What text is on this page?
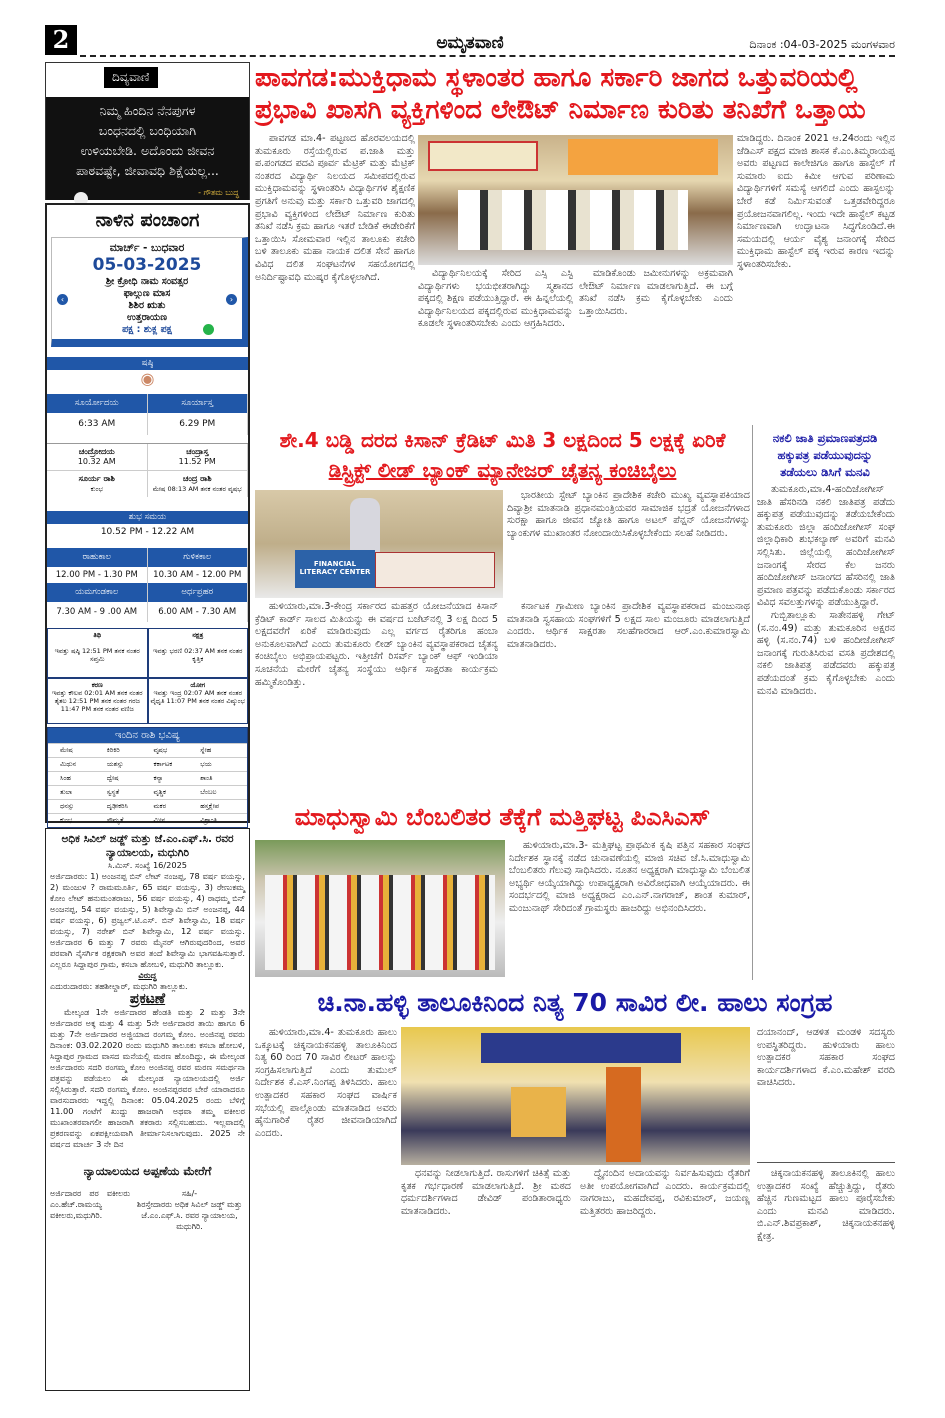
2	ಅಮೃತವಾಣಿ	ದಿನಾಂಕ :04-03-2025 ಮಂಗಳವಾರ
ದಿವ್ಯವಾಣಿ
ನಿಮ್ಮ ಹಿಂದಿನ ನೆನಪುಗಳ
ಬಂಧನದಲ್ಲಿ ಬಂಧಿಯಾಗಿ
ಉಳಿಯಬೇಡಿ. ಅದೊಂದು ಜೀವನ
ಪಾಠವಷ್ಟೇ, ಜೀವಾವಧಿ ಶಿಕ್ಷೆಯಲ್ಲ...
- ಗೌತಮ ಬುದ್ಧ
ನಾಳಿನ ಪಂಚಾಂಗ
ಮಾರ್ಚ್ - ಬುಧವಾರ
05-03-2025
ಶ್ರೀ ಕ್ರೋಧಿ ನಾಮ ಸಂವತ್ಸರ
ಫಾಲ್ಗುಣ ಮಾಸ
ಶಿಶಿರ ಋತು
ಉತ್ತರಾಯಣ
ಪಕ್ಷ : ಶುಕ್ಲ ಪಕ್ಷ
‹	›
ಷಷ್ಠಿ
◉
ಸೂರ್ಯೋದಯ	ಸೂರ್ಯಾಸ್ತ
6:33 AM	6.29 PM
ಚಂದ್ರೋದಯ
10.32 AM
ಚಂದ್ರಾಸ್ತ
11.52 PM
ಸೂರ್ಯ ರಾಶಿ
ಕುಂಭ
ಚಂದ್ರ ರಾಶಿ
ಮೇಷ 08:13 AM ತನಕ ನಂತರ ವೃಷಭ
ಶುಭ ಸಮಯ
10.52 PM - 12.22 AM
ರಾಹುಕಾಲ	ಗುಳಿಕಕಾಲ
12.00 PM - 1.30 PM	10.30 AM - 12.00 PM
ಯಮಗಂಡಕಾಲ	ಅರ್ಧಪ್ರಹರ
7.30 AM - 9 .00 AM	6.00 AM - 7.30 AM
ತಿಥಿ

ಇವತ್ತು ಷಷ್ಠಿ 12:51 PM ತನಕ ನಂತರ ಸಪ್ತಮಿ
ನಕ್ಷತ್ರ

ಇವತ್ತು ಭರಣಿ 02:37 AM ತನಕ ನಂತರ ಕೃತ್ತಿಕ
ಕರಣ
ಇವತ್ತು ಕೌಲವ 02:01 AM ತನಕ ನಂತರ ತೈತಲ 12:51 PM ತನಕ ನಂತರ ಗರಜ 11:47 PM ತನಕ ನಂತರ ವಣಿಜ
ಯೋಗ
ಇವತ್ತು ಇಂದ್ರ 02:07 AM ತನಕ ನಂತರ ವೈಧೃತಿ 11:07 PM ತನಕ ನಂತರ ವಿಷ್ಕುಂಭ
ಇಂದಿನ ರಾಶಿ ಭವಿಷ್ಯ
ಮೇಷ	ಕಿರಿಕಿರಿ	ವೃಷಭ	ಸ್ನೇಹ
ಮಿಥುನ	ಯಶಸ್ಸು	ಕರ್ಕಾಟಕ	ಭಯ
ಸಿಂಹ	ದ್ವೇಷ	ಕನ್ಯಾ	ಶಾಂತಿ
ತುಲಾ	ಸ್ವಸ್ಥತೆ	ವೃಶ್ಚಿಕ	ಬೆಂಬಲ
ಧನಸ್ಸು	ದೃಢೀಕರಿಸಿ	ಮಕರ	ಹಸ್ತಕ್ಷೇಪ
ಕುಂಭ	ಸೌಮ್ಯತೆ	ಮೀನ	ವಿಶ್ರಾಂತಿ
ಅಧಿಕ ಸಿವಿಲ್ ಜಡ್ಜ್ ಮತ್ತು ಜೆ.ಎಂ.ಎಫ್.ಸಿ. ರವರ ನ್ಯಾಯಾಲಯ, ಮಧುಗಿರಿ
ಸಿ.ಮಿಸ್. ಸಂಖ್ಯೆ 16/2025
ಅರ್ಜಿದಾರರು: 1) ಅಂಜನಪ್ಪ ಬಿನ್ ಲೇಟ್ ನಂಜಪ್ಪ, 78 ವರ್ಷ ವಯಸ್ಸು, 2) ಮಂಜುಳ ? ರಾಮಮೂರ್ತಿ, 65 ವರ್ಷ ವಯಸ್ಸು, 3) ರೇಣುಕಮ್ಮ ಕೋಂ ಲೇಟ್ ಹನುಮಂತರಾಜು, 56 ವರ್ಷ ವಯಸ್ಸು, 4) ರಾಧಮ್ಮ ಬಿನ್ ಅಂಜನಪ್ಪ, 54 ವರ್ಷ ವಯಸ್ಸು, 5) ಶಿವೇಸ್ವಾಮಿ ಬಿನ್ ಅಂಜನಪ್ಪ, 44 ವರ್ಷ ವಯಸ್ಸು, 6) ಪ್ರಜ್ವಲ್.ಟಿ.ಎಸ್. ಬಿನ್ ಶಿವೇಸ್ವಾಮಿ, 18 ವರ್ಷ ವಯಸ್ಸು, 7) ನರೇಶ್ ಬಿನ್ ಶಿವೇಸ್ವಾಮಿ, 12 ವರ್ಷ ವಯಸ್ಸು. ಅರ್ಜಿದಾರರ 6 ಮತ್ತು 7 ರವರು ಮೈನರ್ ಆಗಿರುವುದರಿಂದ, ಅವರ ಪರವಾಗಿ ನೈಸರ್ಗಿಕ ರಕ್ಷಕರಾಗಿ ಅವರ ತಂದೆ ಶಿವೇಸ್ವಾಮಿ ಭಾಗವಹಿಸುತ್ತಾರೆ. ಎಲ್ಲರೂ ಸಿದ್ದಾಪುರ ಗ್ರಾಮ, ಕಸಬಾ ಹೋಬಳಿ, ಮಧುಗಿರಿ ತಾಲ್ಲೂಕು.
ವಿರುದ್ಧ
ಎದುರುದಾರರು: ತಹಶೀಲ್ದಾರ್, ಮಧುಗಿರಿ ತಾಲ್ಲೂಕು.
ಪ್ರಕಟಣೆ
ಮೇಲ್ಕಂಡ 1ನೇ ಅರ್ಜಿದಾರರ ಹೆಂಡತಿ ಮತ್ತು 2 ಮತ್ತು 3ನೇ ಅರ್ಜಿದಾರರ ಅಕ್ಕ ಮತ್ತು 4 ಮತ್ತು 5ನೇ ಅರ್ಜಿದಾರರ ತಾಯಿ ಹಾಗೂ 6 ಮತ್ತು 7ನೇ ಅರ್ಜಿದಾರರ ಅಜ್ಜಿಯಾದ ರಂಗಮ್ಮ ಕೋಂ. ಅಂಜಿನಪ್ಪ ರವರು ದಿನಾಂಕ: 03.02.2020 ರಂದು ಮಧುಗಿರಿ ತಾಲೂಕು ಕಸಬಾ ಹೋಬಳಿ, ಸಿದ್ದಾಪುರ ಗ್ರಾಮದ ವಾಸದ ಮನೆಯಲ್ಲಿ ಮರಣ ಹೊಂದಿದ್ದು, ಈ ಮೇಲ್ಕಂಡ ಅರ್ಜಿದಾರರು ಸದರಿ ರಂಗಮ್ಮ ಕೋಂ ಅಂಜಿನಪ್ಪ ರವರ ಮರಣ ಸಮರ್ಥನಾ ಪತ್ರವನ್ನು ಪಡೆಯಲು ಈ ಮೇಲ್ಕಂಡ ನ್ಯಾಯಾಲಯದಲ್ಲಿ ಅರ್ಜಿ ಸಲ್ಲಿಸಿರುತ್ತಾರೆ. ಸದರಿ ರಂಗಮ್ಮ ಕೋಂ. ಅಂಜಿನಪ್ಪರವರ ಬೇರೆ ಯಾರಾದರೂ ವಾರಸುದಾರರು ಇದ್ದಲ್ಲಿ ದಿನಾಂಕ: 05.04.2025 ರಂದು ಬೆಳಿಗ್ಗೆ 11.00 ಗಂಟೆಗೆ ಖುದ್ದು ಹಾಜರಾಗಿ ಅಥವಾ ತಮ್ಮ ವಕೀಲರ ಮುಖಾಂತರವಾಗಲೀ ಹಾಜರಾಗಿ ತಕರಾರು ಸಲ್ಲಿಸಬಹುದು. ಇಲ್ಲವಾದಲ್ಲಿ ಪ್ರಕರಣವನ್ನು ಏಕಪಕ್ಷೀಯವಾಗಿ ತೀರ್ಮಾನಿಸಲಾಗುವುದು. 2025 ನೇ ವರ್ಷದ ಮಾರ್ಚ 3 ನೇ ದಿನ
ನ್ಯಾಯಾಲಯದ ಅಪ್ಪಣೆಯ ಮೇರೆಗೆ
ಅರ್ಜಿದಾರರ ಪರ ವಕೀಲರು ಎಂ.ಹೆಚ್.ರಾಮಯ್ಯ ವಕೀಲರು,ಮಧುಗಿರಿ.
ಸಹಿ/-
ಶಿರಸ್ತೇದಾರರು ಅಧಿಕ ಸಿವಿಲ್ ಜಡ್ಜ್ ಮತ್ತು ಜೆ.ಎಂ.ಎಫ್.ಸಿ. ರವರ ನ್ಯಾಯಾಲಯ, ಮಧುಗಿರಿ.
ಪಾವಗಡ:ಮುಕ್ತಿಧಾಮ ಸ್ಥಳಾಂತರ ಹಾಗೂ ಸರ್ಕಾರಿ ಜಾಗದ ಒತ್ತುವರಿಯಲ್ಲಿ
ಪ್ರಭಾವಿ ಖಾಸಗಿ ವ್ಯಕ್ತಿಗಳಿಂದ ಲೇಔಟ್ ನಿರ್ಮಾಣ ಕುರಿತು ತನಿಖೆಗೆ ಒತ್ತಾಯ

ಪಾವಗಡ ಮಾ.4- ಪಟ್ಟಣದ ಹೊರವಲಯದಲ್ಲಿ ತುಮಕೂರು ರಸ್ತೆಯಲ್ಲಿರುವ ಪ.ಜಾತಿ ಮತ್ತು ಪ.ಪಂಗಡದ ಪದವಿ ಪೂರ್ವ ಮೆಟ್ರಿಕ್ ಮತ್ತು ಮೆಟ್ರಿಕ್ ನಂತರದ ವಿದ್ಯಾರ್ಥಿ ನಿಲಯದ ಸಮೀಪದಲ್ಲಿರುವ ಮುಕ್ತಿಧಾಮವನ್ನು ಸ್ಥಳಾಂತರಿಸಿ ವಿದ್ಯಾರ್ಥಿಗಳ ಶೈಕ್ಷಣಿಕ ಪ್ರಗತಿಗೆ ಅನುವು ಮತ್ತು ಸರ್ಕಾರಿ ಒತ್ತುವರಿ ಜಾಗದಲ್ಲಿ ಪ್ರಭಾವಿ ವ್ಯಕ್ತಿಗಳಿಂದ ಲೇಔಟ್ ನಿರ್ಮಾಣ ಕುರಿತು ತನಿಖೆ ನಡೆಸಿ ಕ್ರಮ ಹಾಗೂ ಇತರೆ ಬೇಡಿಕೆ ಈಡೇರಿಕೆಗೆ ಒತ್ತಾಯಿಸಿ ಸೋಮವಾರ ಇಲ್ಲಿನ ತಾಲೂಕು ಕಚೇರಿ ಬಳಿ ತಾಲೂಕು ಮಹಾ ನಾಯಕ ದಲಿತ ಸೇನೆ ಹಾಗೂ ವಿವಿಧ ದಲಿತ ಸಂಘಟನೆಗಳ ಸಹಯೋಗದಲ್ಲಿ ಅನಿರ್ದಿಷ್ಟಾವಧಿ ಮುಷ್ಕರ ಕೈಗೊಳ್ಳಲಾಗಿದೆ.	ವಿದ್ಯಾರ್ಥಿನಿಲಯಕ್ಕೆ ಸೇರಿದ ಎಸ್ಸಿ ಎಸ್ಟಿ ವಿದ್ಯಾರ್ಥಿಗಳು ಭಯಭೀತರಾಗಿದ್ದು ಸ್ಮಶಾನದ ಪಕ್ಕದಲ್ಲಿ ಶಿಕ್ಷಣ ಪಡೆಯುತ್ತಿದ್ದಾರೆ. ಈ ಹಿನ್ನಲೆಯಲ್ಲಿ ವಿದ್ಯಾರ್ಥಿನಿಲಯದ ಪಕ್ಕದಲ್ಲಿರುವ ಮುಕ್ತಿಧಾಮವನ್ನು ಕೂಡಲೇ ಸ್ಥಳಾಂತರಿಸಬೇಕು ಎಂದು ಆಗ್ರಹಿಸಿದರು.

ಮಾಡಿಕೊಂಡು ಜಮೀನುಗಳನ್ನು ಅಕ್ರಮವಾಗಿ ಲೇಔಟ್ ನಿರ್ಮಾಣ ಮಾಡಲಾಗುತ್ತಿದೆ. ಈ ಬಗ್ಗೆ ತನಿಖೆ ನಡೆಸಿ ಕ್ರಮ ಕೈಗೊಳ್ಳಬೇಕು ಎಂದು ಒತ್ತಾಯಿಸಿದರು.

ಮಾಡಿದ್ದರು. ದಿನಾಂಕ 2021 ಆ.24ರಂದು ಇಲ್ಲಿನ ಜೆಡಿಎಸ್ ಪಕ್ಷದ ಮಾಜಿ ಶಾಸಕ ಕೆ.ಎಂ.ತಿಮ್ಮರಾಯಪ್ಪ ಅವರು ಪಟ್ಟಣದ ಕಾಲೇಜಿಗೂ ಹಾಗೂ ಹಾಸ್ಟೆಲ್ ಗೆ ಸುಮಾರು ಐದು ಕಿಮೀ ಆಗುವ ಪರಿಣಾಮ ವಿದ್ಯಾರ್ಥಿಗಳಿಗೆ ಸಮಸ್ಯೆ ಆಗಲಿದೆ ಎಂದು ಹಾಸ್ಟಲನ್ನು ಬೇರೆ ಕಡೆ ನಿರ್ಮಿಸುವಂತೆ ಒತ್ತಡವೇರಿದ್ದರೂ ಪ್ರಯೋಜನವಾಗಲಿಲ್ಲ. ಇಂದು ಇದೇ ಹಾಸ್ಟೆಲ್ ಕಟ್ಟಡ ನಿರ್ಮಾಣವಾಗಿ ಉದ್ಘಾಟನಾ ಸಿದ್ಧಗೊಂಡಿದೆ.ಈ ಸಮಯದಲ್ಲಿ ಆರ್ಯ ವೈಶ್ಯ ಜನಾಂಗಕ್ಕೆ ಸೇರಿದ ಮುಕ್ತಿಧಾಮ ಹಾಸ್ಟೆಲ್ ಪಕ್ಕ ಇರುವ ಕಾರಣ ಇದನ್ನು ಸ್ಥಳಾಂತರಿಸಬೇಕು.

ಶೇ.4 ಬಡ್ಡಿ ದರದ ಕಿಸಾನ್ ಕ್ರೆಡಿಟ್ ಮಿತಿ 3 ಲಕ್ಷದಿಂದ 5 ಲಕ್ಷಕ್ಕೆ ಏರಿಕೆ
ಡಿಸ್ಟ್ರಿಕ್ಟ್ ಲೀಡ್ ಬ್ಯಾಂಕ್ ಮ್ಯಾನೇಜರ್ ಚೈತನ್ಯ ಕಂಚಿಬೈಲು
FINANCIAL LITERACY CENTER

ಭಾರತೀಯ ಸ್ಟೇಟ್ ಬ್ಯಾಂಕಿನ ಪ್ರಾದೇಶಿಕ ಕಚೇರಿ ಮುಖ್ಯ ವ್ಯವಸ್ಥಾಪಕಿಯಾದ ದಿವ್ಯಾಶ್ರೀ ಮಾತನಾಡಿ ಪ್ರಧಾನಮಂತ್ರಿಯವರ ಸಾಮಾಜಿಕ ಭದ್ರತೆ ಯೋಜನೆಗಳಾದ ಸುರಕ್ಷಾ ಹಾಗೂ ಜೀವನ ಜ್ಯೋತಿ ಹಾಗೂ ಅಟಲ್ ಪೆನ್ಷನ್ ಯೋಜನೆಗಳನ್ನು ಬ್ಯಾಂಕುಗಳ ಮುಖಾಂತರ ನೋಂದಾಯಿಸಿಕೊಳ್ಳಬೇಕೆಂದು ಸಲಹೆ ನೀಡಿದರು.

ಹುಳಿಯಾರು,ಮಾ.3-ಕೇಂದ್ರ ಸರ್ಕಾರದ ಮಹತ್ತರ ಯೋಜನೆಯಾದ ಕಿಸಾನ್ ಕ್ರೆಡಿಟ್ ಕಾರ್ಡ್ ಸಾಲದ ಮಿತಿಯನ್ನು ಈ ವರ್ಷದ ಬಜೆಟ್‌ನಲ್ಲಿ 3 ಲಕ್ಷ ದಿಂದ 5 ಲಕ್ಷದವರೆಗೆ ಏರಿಕೆ ಮಾಡಿರುವುದು ಎಲ್ಲ ವರ್ಗದ ರೈತರಿಗೂ ಹಂಬಾ ಅನುಕೂಲವಾಗಿದೆ ಎಂದು ತುಮಕೂರು ಲೀಡ್ ಬ್ಯಾಂಕಿನ ವ್ಯವಸ್ಥಾಪಕರಾದ ಚೈತನ್ಯ ಕಂಚಿಬೈಲು ಅಭಿಪ್ರಾಯಪಟ್ಟರು. ಇತ್ತೀಚೆಗೆ ರಿಸರ್ವ್ ಬ್ಯಾಂಕ್ ಆಫ್ ಇಂಡಿಯಾ ಸೂಚನೆಯ ಮೇರೆಗೆ ಚೈತನ್ಯ ಸಂಸ್ಥೆಯು ಆರ್ಥಿಕ ಸಾಕ್ಷರತಾ ಕಾರ್ಯಕ್ರಮ ಹಮ್ಮಿಕೊಂಡಿತ್ತು.

ಕರ್ನಾಟಕ ಗ್ರಾಮೀಣ ಬ್ಯಾಂಕಿನ ಪ್ರಾದೇಶಿಕ ವ್ಯವಸ್ಥಾಪಕರಾದ ಮಂಜುನಾಥ ಮಾತನಾಡಿ ಸ್ವಸಹಾಯ ಸಂಘಗಳಿಗೆ 5 ಲಕ್ಷದ ಸಾಲ ಮಂಜೂರು ಮಾಡಲಾಗುತ್ತಿದೆ ಎಂದರು. ಆರ್ಥಿಕ ಸಾಕ್ಷರತಾ ಸಲಹೆಗಾರರಾದ ಆರ್.ಎಂ.ಕುಮಾರಸ್ವಾಮಿ ಮಾತನಾಡಿದರು.

ನಕಲಿ ಜಾತಿ ಪ್ರಮಾಣಪತ್ರದಡಿ
ಹಕ್ಕುಪತ್ರ ಪಡೆಯುವುದನ್ನು
ತಡೆಯಲು ಡಿಸಿಗೆ ಮನವಿ

ತುಮಕೂರು,ಮಾ.4-ಹಂದಿಜೋಗೀಸ್ ಜಾತಿ ಹೆಸರಿನಡಿ ನಕಲಿ ಜಾತಿಪತ್ರ ಪಡೆದು ಹಕ್ಕುಪತ್ರ ಪಡೆಯುವುದನ್ನು ತಡೆಯಬೇಕೆಂದು ತುಮಕೂರು ಜಿಲ್ಲಾ ಹಂದಿಜೋಗೀಸ್ ಸಂಘ ಜಿಲ್ಲಾಧಿಕಾರಿ ಶುಭಕಲ್ಯಾಣ್ ಅವರಿಗೆ ಮನವಿ ಸಲ್ಲಿಸಿತು. ಜಿಲ್ಲೆಯಲ್ಲಿ ಹಂದಿಜೋಗೀಸ್ ಜನಾಂಗಕ್ಕೆ ಸೇರದ ಕೆಲ ಜನರು ಹಂದಿಜೋಗೀಸ್ ಜನಾಂಗದ ಹೆಸರಿನಲ್ಲಿ ಜಾತಿ ಪ್ರಮಾಣ ಪತ್ರವನ್ನು ಪಡೆದುಕೊಂಡು ಸರ್ಕಾರದ ವಿವಿಧ ಸವಲತ್ತುಗಳನ್ನು ಪಡೆಯುತ್ತಿದ್ದಾರೆ.

ಗುಬ್ಬಿತಾಲ್ಲೂಕು ಸಾತೇನಹಳ್ಳಿ ಗೇಟ್ (ಸ.ನಂ.49) ಮತ್ತು ತುಮಕೂರಿನ ಅಕ್ಷರನ ಹಳ್ಳಿ (ಸ.ನಂ.74) ಬಳಿ ಹಂದೀಜೋಗೀಸ್ ಜನಾಂಗಕ್ಕೆ ಗುರುತಿಸಿರುವ ವಸತಿ ಪ್ರದೇಶದಲ್ಲಿ ನಕಲಿ ಜಾತಿಪತ್ರ ಪಡೆದವರು ಹಕ್ಕುಪತ್ರ ಪಡೆಯದಂತೆ ಕ್ರಮ ಕೈಗೊಳ್ಳಬೇಕು ಎಂದು ಮನವಿ ಮಾಡಿದರು.

ಮಾಧುಸ್ವಾಮಿ ಬೆಂಬಲಿತರ ತೆಕ್ಕೆಗೆ ಮತ್ತಿಘಟ್ಟ ಪಿಎಸಿಎಸ್

ಹುಳಿಯಾರು,ಮಾ.3- ಮತ್ತಿಘಟ್ಟ ಪ್ರಾಥಮಿಕ ಕೃಷಿ ಪತ್ತಿನ ಸಹಕಾರ ಸಂಘದ ನಿರ್ದೇಶಕ ಸ್ಥಾನಕ್ಕೆ ನಡೆದ ಚುನಾವಣೆಯಲ್ಲಿ ಮಾಜಿ ಸಚಿವ ಜೆ.ಸಿ.ಮಾಧುಸ್ವಾಮಿ ಬೆಂಬಲಿತರು ಗೆಲುವು ಸಾಧಿಸಿದರು. ನೂತನ ಅಧ್ಯಕ್ಷರಾಗಿ ಮಾಧುಸ್ವಾಮಿ ಬೆಂಬಲಿತ ಅಭ್ಯರ್ಥಿ ಆಯ್ಕೆಯಾಗಿದ್ದು ಉಪಾಧ್ಯಕ್ಷರಾಗಿ ಅವಿರೋಧವಾಗಿ ಆಯ್ಕೆಯಾದರು. ಈ ಸಂದರ್ಭದಲ್ಲಿ ಮಾಜಿ ಅಧ್ಯಕ್ಷರಾದ ಎಂ.ಎನ್.ನಾಗರಾಜ್, ಶಾಂತ ಕುಮಾರ್, ಮಂಜುನಾಥ್ ಸೇರಿದಂತೆ ಗ್ರಾಮಸ್ಥರು ಹಾಜರಿದ್ದು ಅಭಿನಂದಿಸಿದರು.

ಚಿ.ನಾ.ಹಳ್ಳಿ ತಾಲೂಕಿನಿಂದ ನಿತ್ಯ 70 ಸಾವಿರ ಲೀ. ಹಾಲು ಸಂಗ್ರಹ

ಹುಳಿಯಾರು,ಮಾ.4- ತುಮಕೂರು ಹಾಲು ಒಕ್ಕೂಟಕ್ಕೆ ಚಿಕ್ಕನಾಯಕನಹಳ್ಳಿ ತಾಲೂಕಿನಿಂದ ನಿತ್ಯ 60 ರಿಂದ 70 ಸಾವಿರ ಲೀಟರ್ ಹಾಲನ್ನು ಸಂಗ್ರಹಿಸಲಾಗುತ್ತಿದೆ ಎಂದು ತುಮುಲ್ ನಿರ್ದೇಶಕ ಕೆ.ಎಸ್.ನಿಂಗಪ್ಪ ತಿಳಿಸಿದರು. ಹಾಲು ಉತ್ಪಾದಕರ ಸಹಕಾರ ಸಂಘದ ವಾರ್ಷಿಕ ಸಭೆಯಲ್ಲಿ ಪಾಲ್ಗೊಂಡು ಮಾತನಾಡಿದ ಅವರು ಹೈನುಗಾರಿಕೆ ರೈತರ ಜೀವನಾಡಿಯಾಗಿದೆ ಎಂದರು.

ಧನವನ್ನು ನೀಡಲಾಗುತ್ತಿದೆ. ರಾಸುಗಳಿಗೆ ಚಿಕಿತ್ಸೆ ಮತ್ತು ಕೃತಕ ಗರ್ಭಧಾರಣೆ ಮಾಡಲಾಗುತ್ತಿದೆ. ಶ್ರೀ ಮಠದ ಧರ್ಮದರ್ಶಿಗಳಾದ ಡೇವಿಡ್ ಪಂಡಿತಾರಾಧ್ಯರು ಮಾತನಾಡಿದರು.

ದ್ವೈನಂದಿನ ಅದಾಯವನ್ನು ನಿರ್ವಹಿಸುವುದು ರೈತರಿಗೆ ಅತೀ ಉಪಯೋಗವಾಗಿದೆ ಎಂದರು. ಕಾರ್ಯಕ್ರಮದಲ್ಲಿ ನಾಗರಾಜು, ಮಹದೇವಪ್ಪ, ರವಿಕುಮಾರ್, ಜಯಣ್ಣ ಮತ್ತಿತರರು ಹಾಜರಿದ್ದರು.

ದಯಾನಂದ್, ಆಡಳಿತ ಮಂಡಳಿ ಸದಸ್ಯರು ಉಪಸ್ಥಿತರಿದ್ದರು. ಹುಳಿಯಾರು ಹಾಲು ಉತ್ಪಾದಕರ ಸಹಕಾರ ಸಂಘದ ಕಾರ್ಯದರ್ಶಿಗಳಾದ ಕೆ.ಎಂ.ಮಹೇಶ್ ವರದಿ ವಾಚಿಸಿದರು.

ಚಿಕ್ಕನಾಯಕನಹಳ್ಳಿ ತಾಲೂಕಿನಲ್ಲಿ ಹಾಲು ಉತ್ಪಾದಕರ ಸಂಖ್ಯೆ ಹೆಚ್ಚುತ್ತಿದ್ದು, ರೈತರು ಹೆಚ್ಚಿನ ಗುಣಮಟ್ಟದ ಹಾಲು ಪೂರೈಸಬೇಕು ಎಂದು ಮನವಿ ಮಾಡಿದರು. ಬಿ.ಎನ್.ಶಿವಪ್ರಕಾಶ್, ಚಿಕ್ಕನಾಯಕನಹಳ್ಳಿ ಕ್ಷೇತ್ರ.
